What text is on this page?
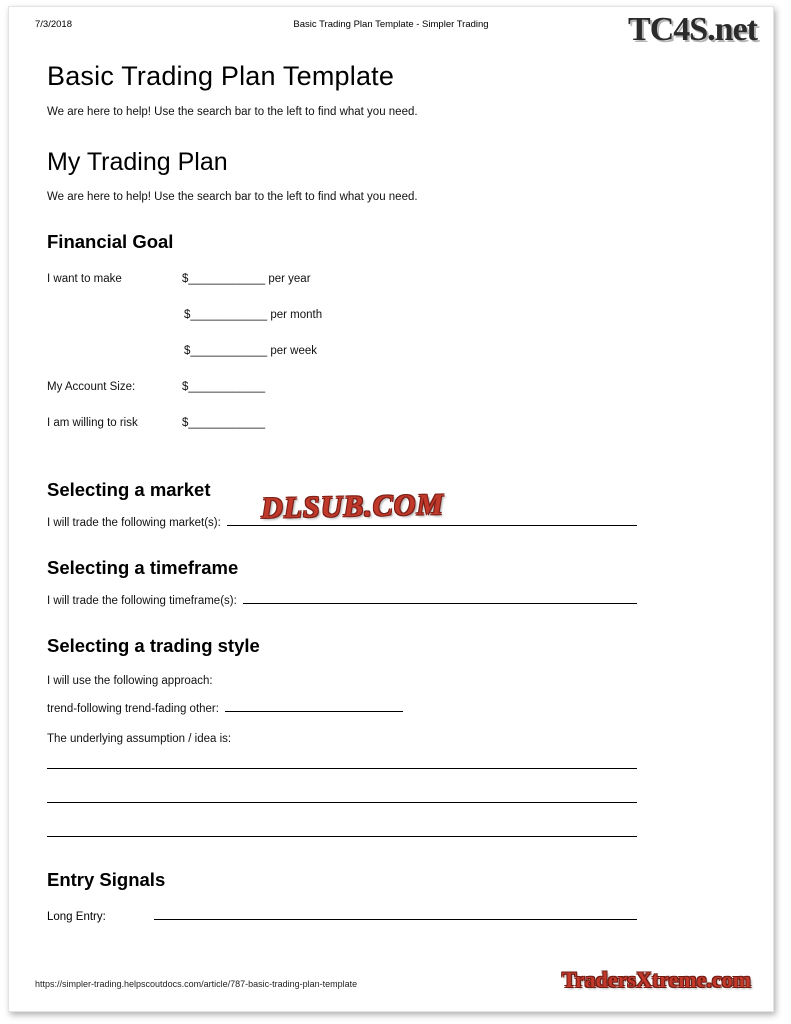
7/3/2018	Basic Trading Plan Template - Simpler Trading	TC4S.net
Basic Trading Plan Template

We are here to help! Use the search bar to the left to find what you need.

My Trading Plan

We are here to help! Use the search bar to the left to find what you need.

Financial Goal
I want to make	$____________ per year
$____________ per month
$____________ per week
My Account Size:	$____________
I am willing to risk	$____________
Selecting a market
I will trade the following market(s):
Selecting a timeframe
I will trade the following timeframe(s):
Selecting a trading style

I will use the following approach:

trend-following trend-fading other:

The underlying assumption / idea is:

Entry Signals
Long Entry:
DLSUB.COM
TradersXtreme.com
https://simpler-trading.helpscoutdocs.com/article/787-basic-trading-plan-template
